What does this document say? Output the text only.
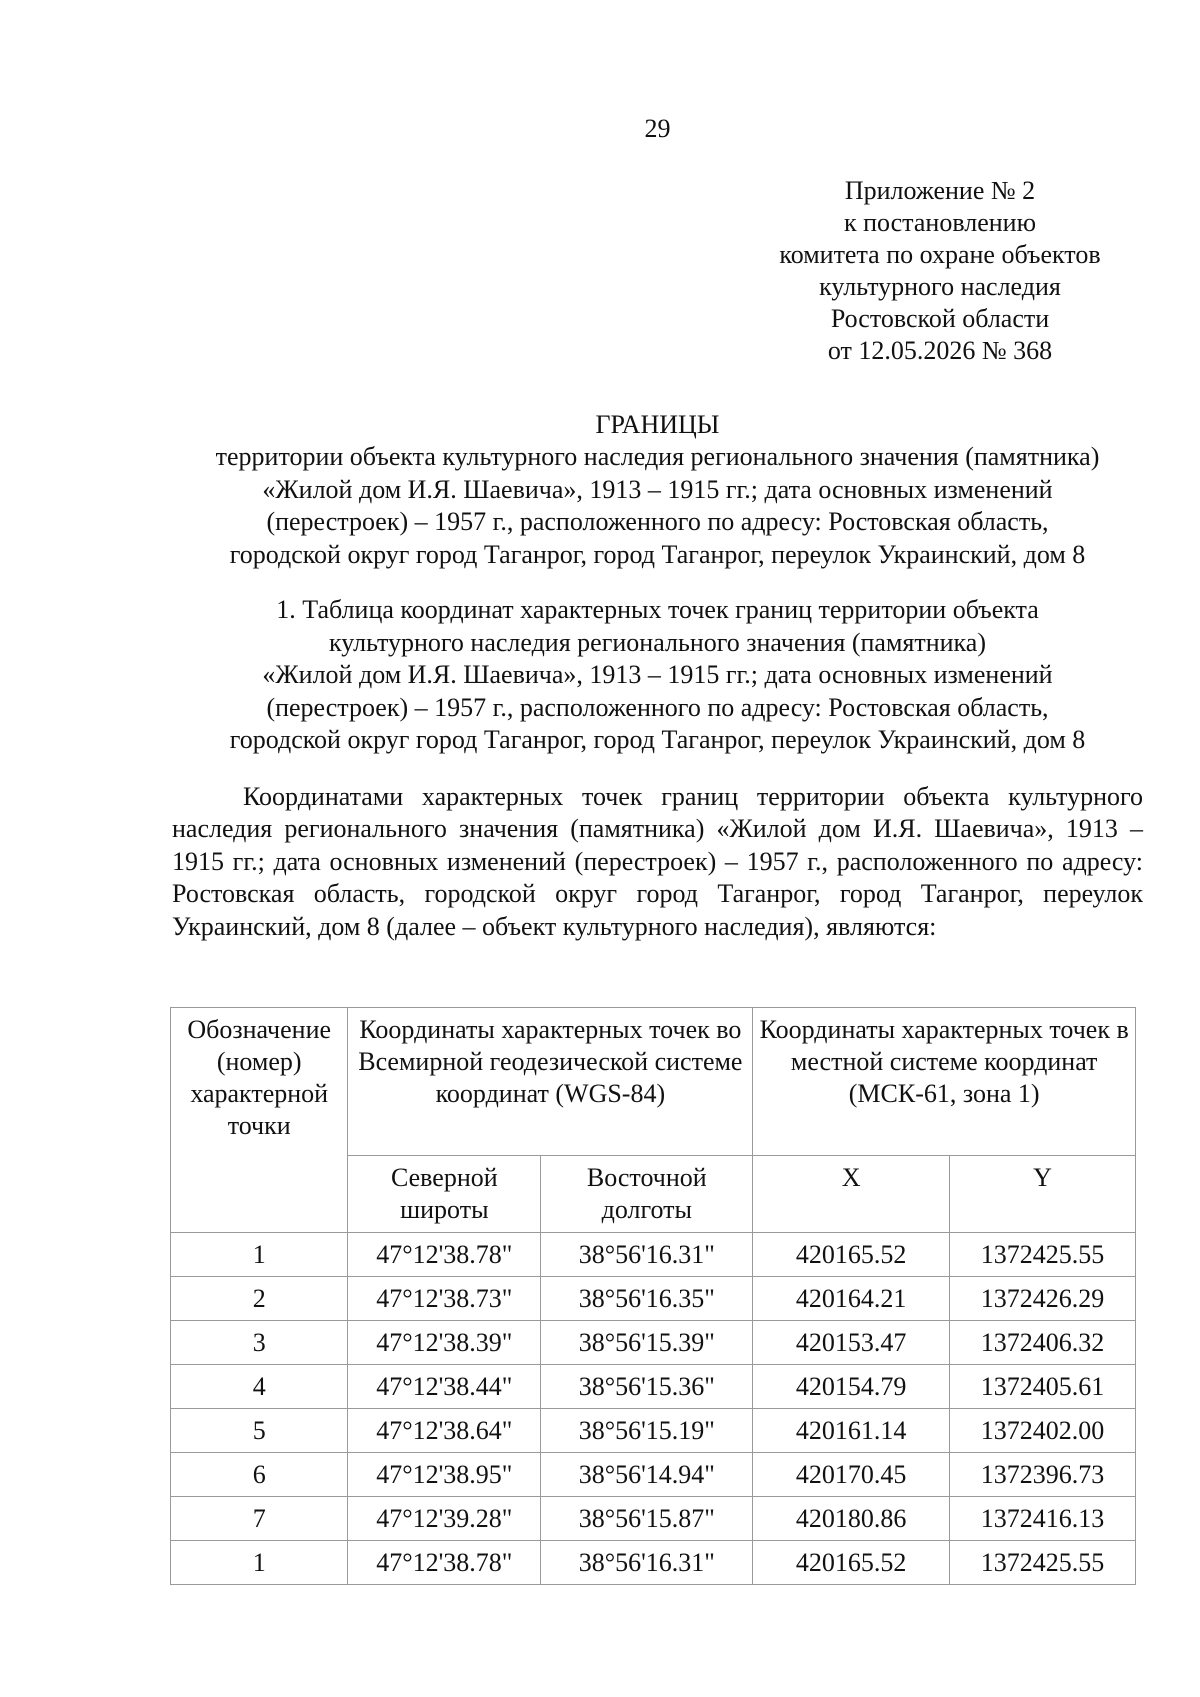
29
Приложение № 2
к постановлению
комитета по охране объектов
культурного наследия
Ростовской области
от 12.05.2026 № 368
ГРАНИЦЫ
территории объекта культурного наследия регионального значения (памятника)
«Жилой дом И.Я. Шаевича», 1913 – 1915 гг.; дата основных изменений
(перестроек) – 1957 г., расположенного по адресу: Ростовская область,
городской округ город Таганрог, город Таганрог, переулок Украинский, дом 8
1. Таблица координат характерных точек границ территории объекта
культурного наследия регионального значения (памятника)
«Жилой дом И.Я. Шаевича», 1913 – 1915 гг.; дата основных изменений
(перестроек) – 1957 г., расположенного по адресу: Ростовская область,
городской округ город Таганрог, город Таганрог, переулок Украинский, дом 8
Координатами характерных точек границ территории объекта культурного наследия регионального значения (памятника) «Жилой дом И.Я. Шаевича», 1913 – 1915 гг.; дата основных изменений (перестроек) – 1957 г., расположенного по адресу: Ростовская область, городской округ город Таганрог, город Таганрог, переулок Украинский, дом 8 (далее – объект культурного наследия), являются:
Обозначение (номер) характерной точки	Координаты характерных точек во Всемирной геодезической системе координат (WGS-84)		Координаты характерных точек в местной системе координат (МСК-61, зона 1)	
	Северной широты	Восточной долготы	X	Y
1	47°12'38.78"	38°56'16.31"	420165.52	1372425.55
2	47°12'38.73"	38°56'16.35"	420164.21	1372426.29
3	47°12'38.39"	38°56'15.39"	420153.47	1372406.32
4	47°12'38.44"	38°56'15.36"	420154.79	1372405.61
5	47°12'38.64"	38°56'15.19"	420161.14	1372402.00
6	47°12'38.95"	38°56'14.94"	420170.45	1372396.73
7	47°12'39.28"	38°56'15.87"	420180.86	1372416.13
1	47°12'38.78"	38°56'16.31"	420165.52	1372425.55
